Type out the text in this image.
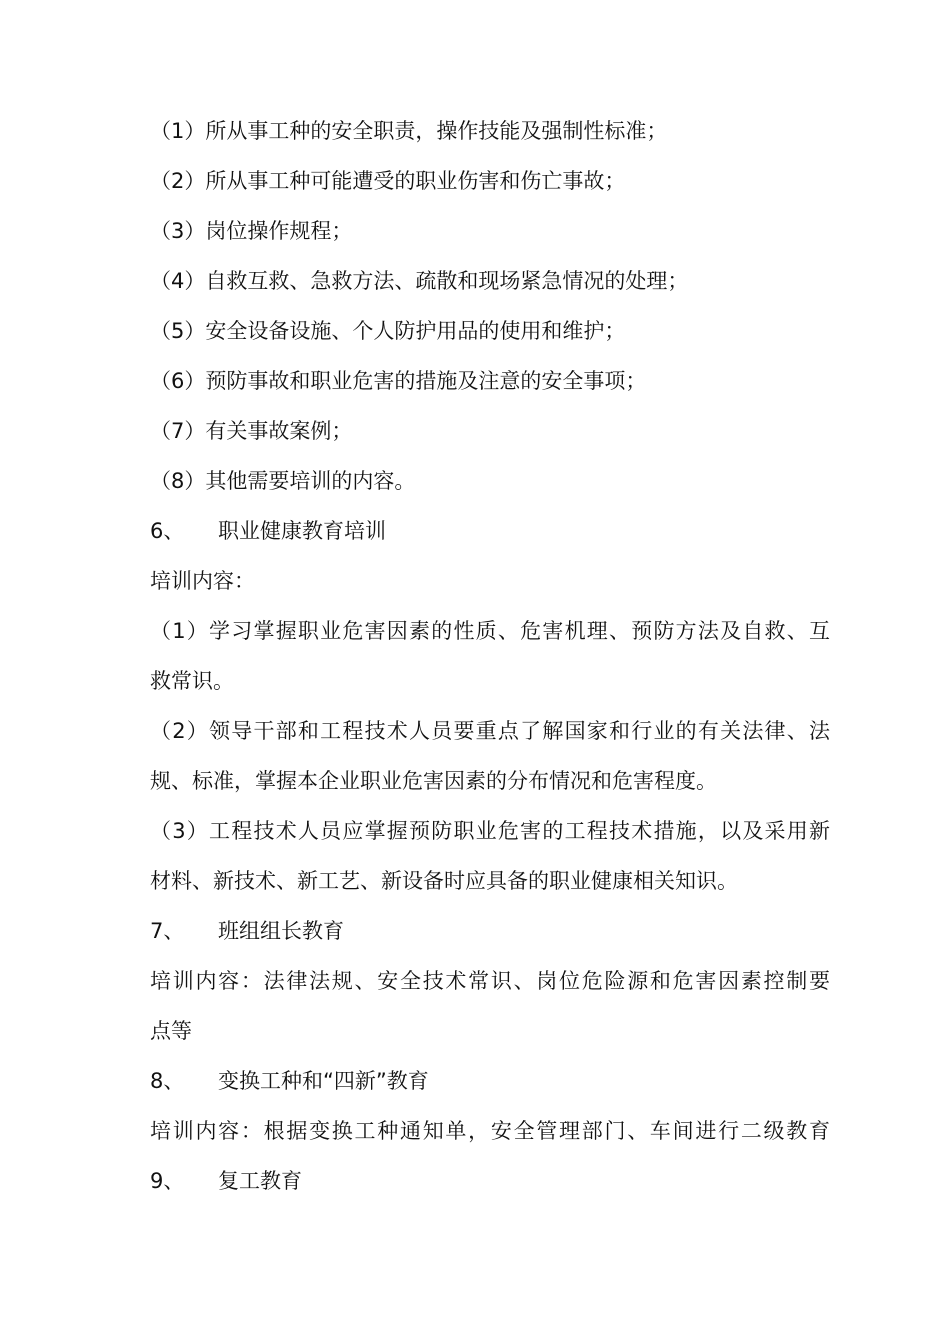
（1）所从事工种的安全职责，操作技能及强制性标准；
（2）所从事工种可能遭受的职业伤害和伤亡事故；
（3）岗位操作规程；
（4）自救互救、急救方法、疏散和现场紧急情况的处理；
（5）安全设备设施、个人防护用品的使用和维护；
（6）预防事故和职业危害的措施及注意的安全事项；
（7）有关事故案例；
（8）其他需要培训的内容。
6、 职业健康教育培训
培训内容：
（1）学习掌握职业危害因素的性质、危害机理、预防方法及自救、互
救常识。
（2）领导干部和工程技术人员要重点了解国家和行业的有关法律、法
规、标准，掌握本企业职业危害因素的分布情况和危害程度。
（3）工程技术人员应掌握预防职业危害的工程技术措施，以及采用新
材料、新技术、新工艺、新设备时应具备的职业健康相关知识。
7、 班组组长教育
培训内容：法律法规、安全技术常识、岗位危险源和危害因素控制要
点等
8、 变换工种和“四新”教育
培训内容：根据变换工种通知单，安全管理部门、车间进行二级教育
9、 复工教育
